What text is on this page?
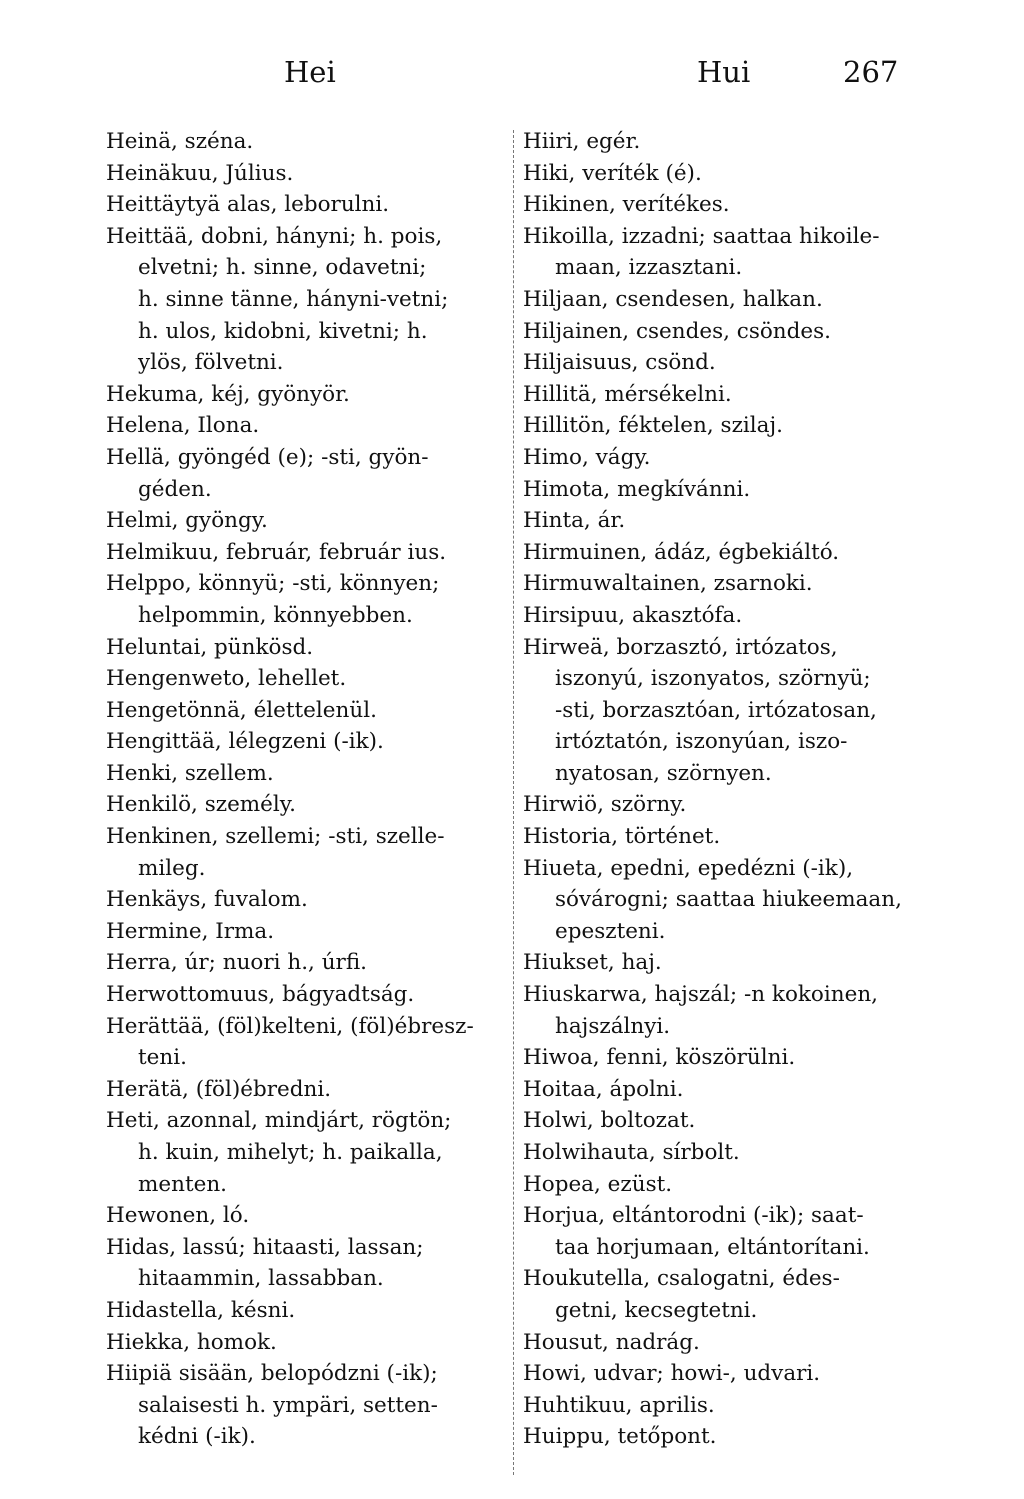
Hei	Hui	267
Heinä, széna.
Heinäkuu, Július.
Heittäytyä alas, leborulni.
Heittää, dobni, hányni; h. pois,
elvetni; h. sinne, odavetni;
h. sinne tänne, hányni-vetni;
h. ulos, kidobni, kivetni; h.
ylös, fölvetni.
Hekuma, kéj, gyönyör.
Helena, Ilona.
Hellä, gyöngéd (e); -sti, gyön-
géden.
Helmi, gyöngy.
Helmikuu, február, február ius.
Helppo, könnyü; -sti, könnyen;
helpommin, könnyebben.
Heluntai, pünkösd.
Hengenweto, lehellet.
Hengetönnä, élettelenül.
Hengittää, lélegzeni (-ik).
Henki, szellem.
Henkilö, személy.
Henkinen, szellemi; -sti, szelle-
mileg.
Henkäys, fuvalom.
Hermine, Irma.
Herra, úr; nuori h., úrfi.
Herwottomuus, bágyadtság.
Herättää, (föl)kelteni, (föl)ébresz-
teni.
Herätä, (föl)ébredni.
Heti, azonnal, mindjárt, rögtön;
h. kuin, mihelyt; h. paikalla,
menten.
Hewonen, ló.
Hidas, lassú; hitaasti, lassan;
hitaammin, lassabban.
Hidastella, késni.
Hiekka, homok.
Hiipiä sisään, belopódzni (-ik);
salaisesti h. ympäri, setten-
kédni (-ik).
Hiiri, egér.
Hiki, veríték (é).
Hikinen, verítékes.
Hikoilla, izzadni; saattaa hikoile-
maan, izzasztani.
Hiljaan, csendesen, halkan.
Hiljainen, csendes, csöndes.
Hiljaisuus, csönd.
Hillitä, mérsékelni.
Hillitön, féktelen, szilaj.
Himo, vágy.
Himota, megkívánni.
Hinta, ár.
Hirmuinen, ádáz, égbekiáltó.
Hirmuwaltainen, zsarnoki.
Hirsipuu, akasztófa.
Hirweä, borzasztó, irtózatos,
iszonyú, iszonyatos, szörnyü;
-sti, borzasztóan, irtózatosan,
irtóztatón, iszonyúan, iszo-
nyatosan, szörnyen.
Hirwiö, szörny.
Historia, történet.
Hiueta, epedni, epedézni (-ik),
sóvárogni; saattaa hiukeemaan,
epeszteni.
Hiukset, haj.
Hiuskarwa, hajszál; -n kokoinen,
hajszálnyi.
Hiwoa, fenni, köszörülni.
Hoitaa, ápolni.
Holwi, boltozat.
Holwihauta, sírbolt.
Hopea, ezüst.
Horjua, eltántorodni (-ik); saat-
taa horjumaan, eltántorítani.
Houkutella, csalogatni, édes-
getni, kecsegtetni.
Housut, nadrág.
Howi, udvar; howi-, udvari.
Huhtikuu, aprilis.
Huippu, tetőpont.
